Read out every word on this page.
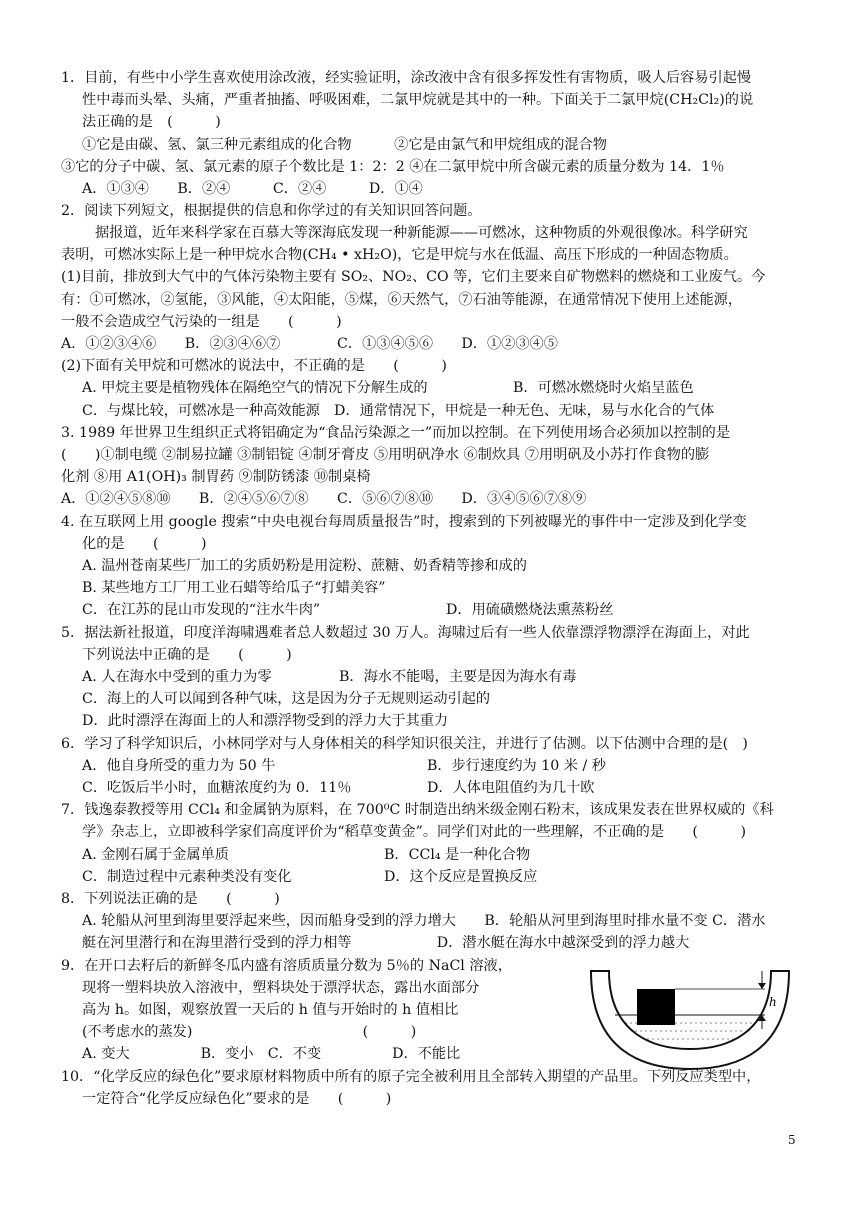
1．目前，有些中小学生喜欢使用涂改液，经实验证明，涂改液中含有很多挥发性有害物质，吸人后容易引起慢
性中毒而头晕、头痛，严重者抽搐、呼吸困难，二氯甲烷就是其中的一种。下面关于二氯甲烷(CH₂Cl₂)的说
法正确的是　(　　　)
①它是由碳、氢、氯三种元素组成的化合物　　　②它是由氯气和甲烷组成的混合物
③它的分子中碳、氢、氯元素的原子个数比是 1：2：2 ④在二氯甲烷中所含碳元素的质量分数为 14．1％
A．①③④　　B．②④　　　C．②④　　　D．①④
2．阅读下列短文，根据提供的信息和你学过的有关知识回答问题。
据报道，近年来科学家在百慕大等深海底发现一种新能源——可燃冰，这种物质的外观很像冰。科学研究
表明，可燃冰实际上是一种甲烷水合物(CH₄ • xH₂O)，它是甲烷与水在低温、高压下形成的一种固态物质。
(1)目前，排放到大气中的气体污染物主要有 SO₂、NO₂、CO 等，它们主要来自矿物燃料的燃烧和工业废气。今
有：①可燃冰，②氢能，③风能，④太阳能，⑤煤，⑥天然气，⑦石油等能源，在通常情况下使用上述能源，
一般不会造成空气污染的一组是　　(　　　)
A．①②③④⑥　　B．②③④⑥⑦　　　　C．①③④⑤⑥　　D．①②③④⑤
(2)下面有关甲烷和可燃冰的说法中，不正确的是　　(　　　)
A. 甲烷主要是植物残体在隔绝空气的情况下分解生成的	B．可燃冰燃烧时火焰呈蓝色
C．与煤比较，可燃冰是一种高效能源　D．通常情况下，甲烷是一种无色、无味，易与水化合的气体
3. 1989 年世界卫生组织正式将铝确定为“食品污染源之一”而加以控制。在下列使用场合必须加以控制的是
(　　)①制电缆 ②制易拉罐 ③制铝锭 ④制牙膏皮 ⑤用明矾净水 ⑥制炊具 ⑦用明矾及小苏打作食物的膨
化剂 ⑧用 A1(OH)₃ 制胃药 ⑨制防锈漆 ⑩制桌椅
A．①②④⑤⑧⑩　　B．②④⑤⑥⑦⑧　　C．⑤⑥⑦⑧⑩　　D．③④⑤⑥⑦⑧⑨
4. 在互联网上用 google 搜索“中央电视台每周质量报告”时，搜索到的下列被曝光的事件中一定涉及到化学变
化的是　　(　　　)
A. 温州苍南某些厂加工的劣质奶粉是用淀粉、蔗糖、奶香精等掺和成的
B. 某些地方工厂用工业石蜡等给瓜子“打蜡美容”
C．在江苏的昆山市发现的“注水牛肉”	D．用硫磺燃烧法熏蒸粉丝
5．据法新社报道，印度洋海啸遇难者总人数超过 30 万人。海啸过后有一些人依靠漂浮物漂浮在海面上，对此
下列说法中正确的是　　(　　　)
A. 人在海水中受到的重力为零	B．海水不能喝，主要是因为海水有毒
C．海上的人可以闻到各种气味，这是因为分子无规则运动引起的
D．此时漂浮在海面上的人和漂浮物受到的浮力大于其重力
6．学习了科学知识后，小林同学对与人身体相关的科学知识很关注，并进行了估测。以下估测中合理的是(　)
A．他自身所受的重力为 50 牛	B．步行速度约为 10 米 / 秒
C．吃饭后半小时，血糖浓度约为 0．11％	D．人体电阻值约为几十欧
7．钱逸泰教授等用 CCl₄ 和金属钠为原料，在 700⁰C 时制造出纳米级金刚石粉末，该成果发表在世界权威的《科
学》杂志上，立即被科学家们高度评价为“稻草变黄金”。同学们对此的一些理解，不正确的是　　(　　　)
A. 金刚石属于金属单质	B．CCl₄ 是一种化合物
C．制造过程中元素种类没有变化	D．这个反应是置换反应
8．下列说法正确的是　　(　　　)
A. 轮船从河里到海里要浮起来些，因而船身受到的浮力增大　　B．轮船从河里到海里时排水量不变 C．潜水
艇在河里潜行和在海里潜行受到的浮力相等　　　　　　D．潜水艇在海水中越深受到的浮力越大
9．在开口去籽后的新鲜冬瓜内盛有溶质质量分数为 5％的 NaCl 溶液，
现将一塑料块放入溶液中，塑料块处于漂浮状态，露出水面部分
高为 h。如图，观察放置一天后的 h 值与开始时的 h 值相比
(不考虑水的蒸发)　　　　　　　　　　　　(　　　)
A. 变大　　　　　B．变小　C．不变　　　　　D．不能比
h
10．“化学反应的绿色化”要求原材料物质中所有的原子完全被利用且全部转入期望的产品里。下列反应类型中，
一定符合“化学反应绿色化”要求的是　　(　　　)
5
